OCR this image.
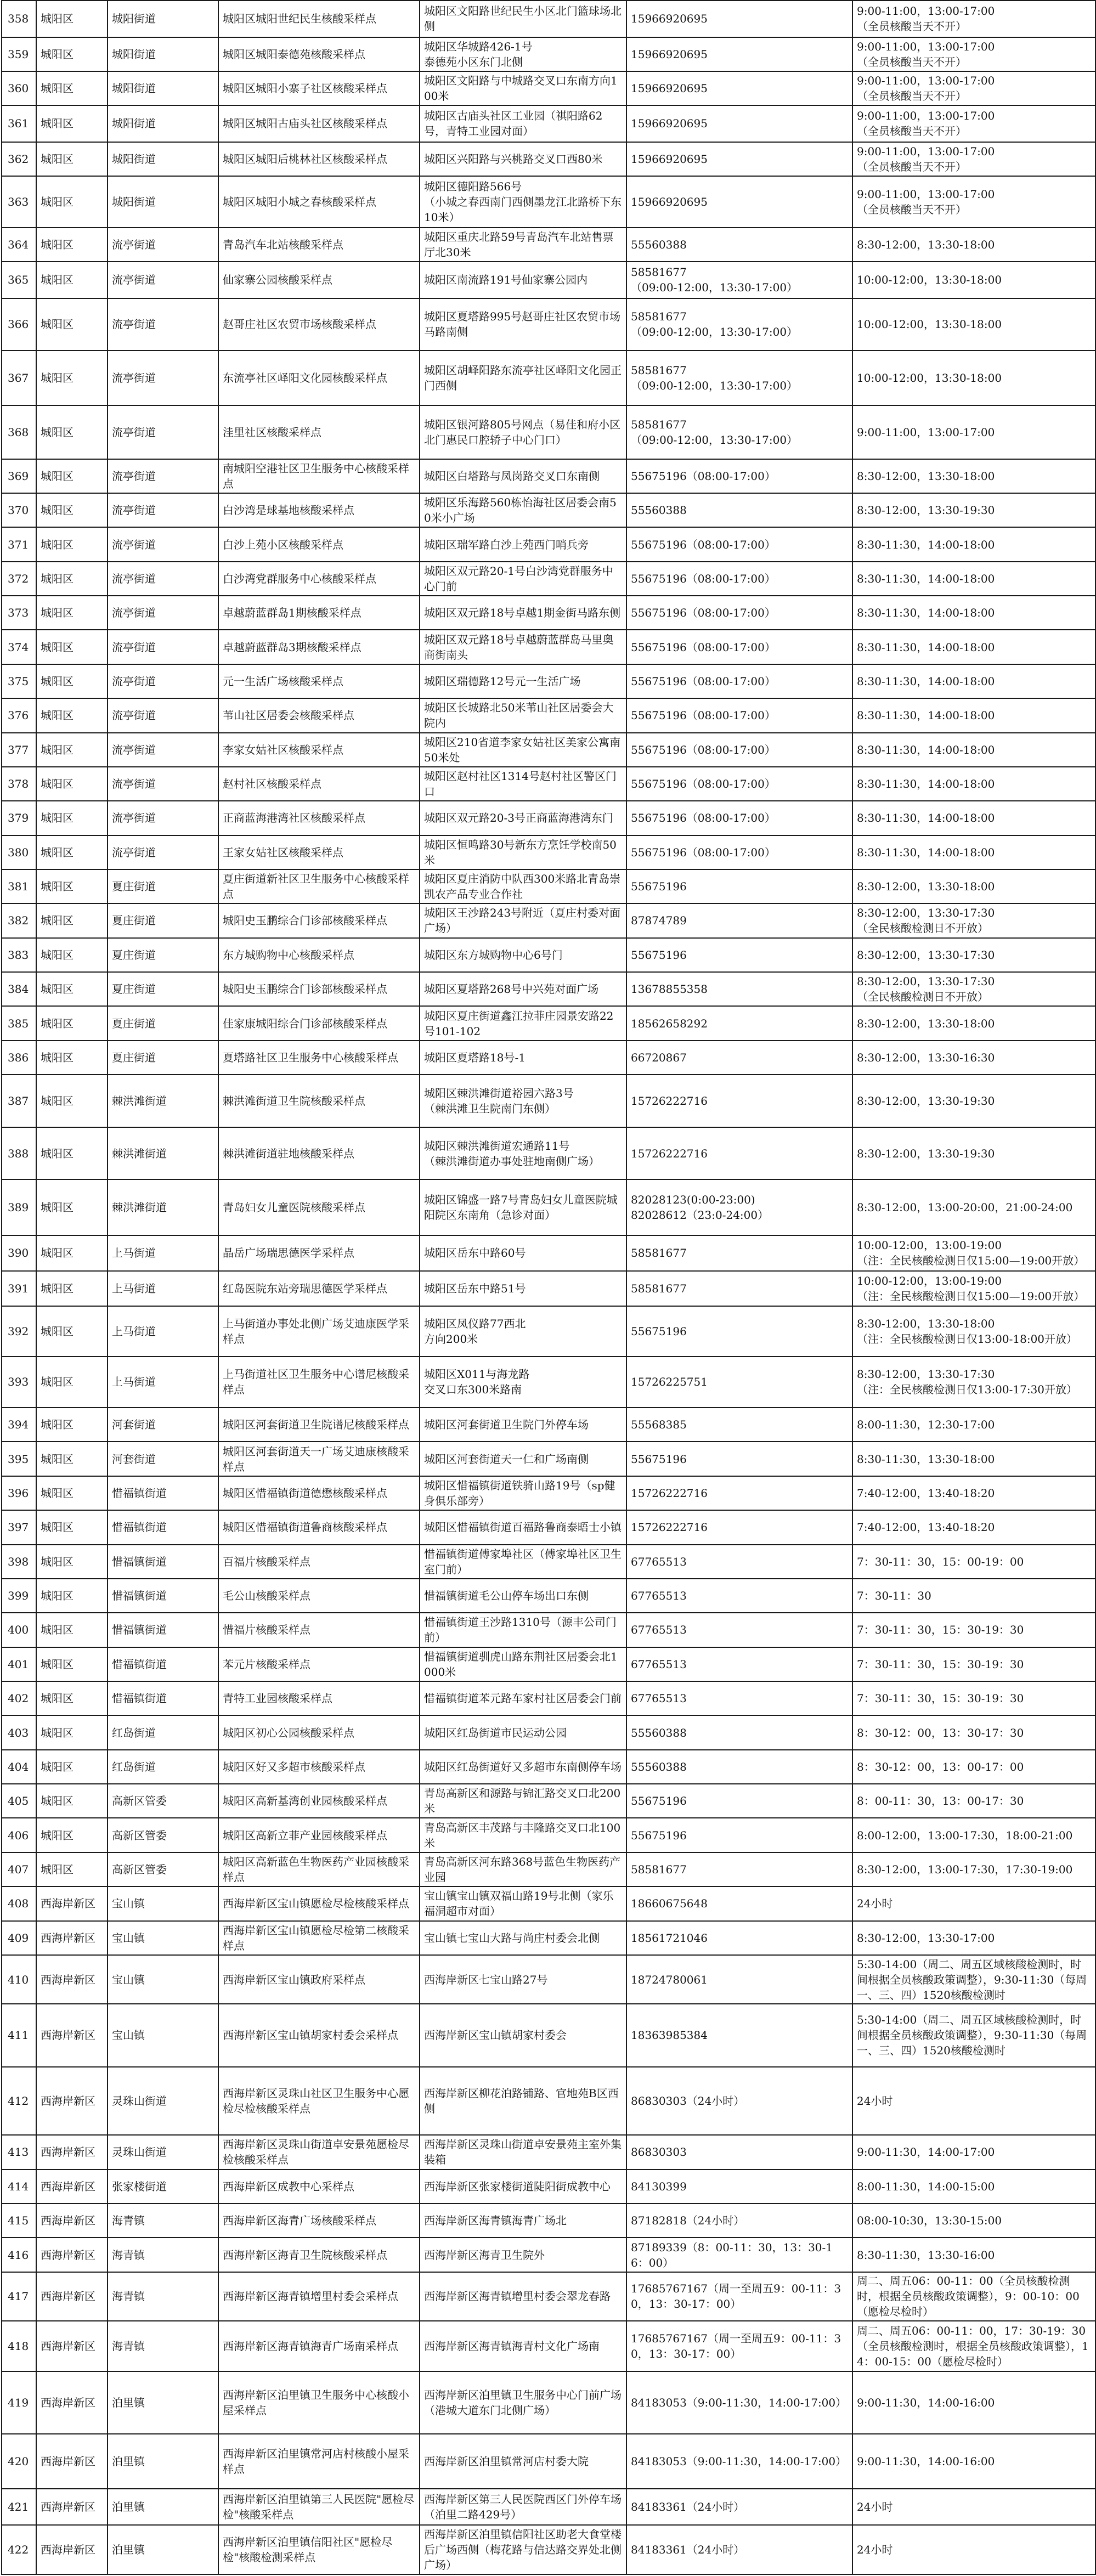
358	城阳区	城阳街道	城阳区城阳世纪民生核酸采样点	城阳区文阳路世纪民生小区北门篮球场北侧	15966920695	9:00-11:00，13:00-17:00
（全员核酸当天不开）
359	城阳区	城阳街道	城阳区城阳泰德苑核酸采样点	城阳区华城路426-1号
泰德苑小区东门北侧	15966920695	9:00-11:00，13:00-17:00
（全员核酸当天不开）
360	城阳区	城阳街道	城阳区城阳小寨子社区核酸采样点	城阳区文阳路与中城路交叉口东南方向100米	15966920695	9:00-11:00，13:00-17:00
（全员核酸当天不开）
361	城阳区	城阳街道	城阳区城阳古庙头社区核酸采样点	城阳区古庙头社区工业园（祺阳路62号，青特工业园对面）	15966920695	9:00-11:00，13:00-17:00
（全员核酸当天不开）
362	城阳区	城阳街道	城阳区城阳后桃林社区核酸采样点	城阳区兴阳路与兴桃路交叉口西80米	15966920695	9:00-11:00，13:00-17:00
（全员核酸当天不开）
363	城阳区	城阳街道	城阳区城阳小城之春核酸采样点	城阳区德阳路566号
（小城之春西南门西侧墨龙江北路桥下东10米）	15966920695	9:00-11:00，13:00-17:00
（全员核酸当天不开）
364	城阳区	流亭街道	青岛汽车北站核酸采样点	城阳区重庆北路59号青岛汽车北站售票厅北30米	55560388	8:30-12:00，13:30-18:00
365	城阳区	流亭街道	仙家寨公园核酸采样点	城阳区南流路191号仙家寨公园内	58581677
（09:00-12:00，13:30-17:00）	10:00-12:00，13:30-18:00
366	城阳区	流亭街道	赵哥庄社区农贸市场核酸采样点	城阳区夏塔路995号赵哥庄社区农贸市场马路南侧	58581677
（09:00-12:00，13:30-17:00）	10:00-12:00，13:30-18:00
367	城阳区	流亭街道	东流亭社区峄阳文化园核酸采样点	城阳区胡峄阳路东流亭社区峄阳文化园正门西侧	58581677
（09:00-12:00，13:30-17:00）	10:00-12:00，13:30-18:00
368	城阳区	流亭街道	洼里社区核酸采样点	城阳区银河路805号网点（易佳和府小区北门惠民口腔轿子中心门口）	58581677
（09:00-12:00，13:30-17:00）	9:00-11:00，13:00-17:00
369	城阳区	流亭街道	南城阳空港社区卫生服务中心核酸采样点	城阳区白塔路与凤岗路交叉口东南侧	55675196（08:00-17:00）	8:30-12:00，13:30-18:00
370	城阳区	流亭街道	白沙湾是球基地核酸采样点	城阳区乐海路560栋怡海社区居委会南50米小广场	55560388	8:30-12:00，13:30-19:30
371	城阳区	流亭街道	白沙上苑小区核酸采样点	城阳区瑞军路白沙上苑西门哨兵旁	55675196（08:00-17:00）	8:30-11:30，14:00-18:00
372	城阳区	流亭街道	白沙湾党群服务中心核酸采样点	城阳区双元路20-1号白沙湾党群服务中心门前	55675196（08:00-17:00）	8:30-11:30，14:00-18:00
373	城阳区	流亭街道	卓越蔚蓝群岛1期核酸采样点	城阳区双元路18号卓越1期金街马路东侧	55675196（08:00-17:00）	8:30-11:30，14:00-18:00
374	城阳区	流亭街道	卓越蔚蓝群岛3期核酸采样点	城阳区双元路18号卓越蔚蓝群岛马里奥商街南头	55675196（08:00-17:00）	8:30-11:30，14:00-18:00
375	城阳区	流亭街道	元一生活广场核酸采样点	城阳区瑞德路12号元一生活广场	55675196（08:00-17:00）	8:30-11:30，14:00-18:00
376	城阳区	流亭街道	苇山社区居委会核酸采样点	城阳区长城路北50米苇山社区居委会大院内	55675196（08:00-17:00）	8:30-11:30，14:00-18:00
377	城阳区	流亭街道	李家女姑社区核酸采样点	城阳区210省道李家女姑社区美家公寓南50米处	55675196（08:00-17:00）	8:30-11:30，14:00-18:00
378	城阳区	流亭街道	赵村社区核酸采样点	城阳区赵村社区1314号赵村社区警区门口	55675196（08:00-17:00）	8:30-11:30，14:00-18:00
379	城阳区	流亭街道	正商蓝海港湾社区核酸采样点	城阳区双元路20-3号正商蓝海港湾东门	55675196（08:00-17:00）	8:30-11:30，14:00-18:00
380	城阳区	流亭街道	王家女姑社区核酸采样点	城阳区恒鸣路30号新东方烹饪学校南50米	55675196（08:00-17:00）	8:30-11:30，14:00-18:00
381	城阳区	夏庄街道	夏庄街道新社区卫生服务中心核酸采样点	城阳区夏庄消防中队西300米路北青岛崇凯农产品专业合作社	55675196	8:30-12:00，13:30-18:00
382	城阳区	夏庄街道	城阳史玉鹏综合门诊部核酸采样点	城阳区王沙路243号附近（夏庄村委对面广场）	87874789	8:30-12:00，13:30-17:30
（全民核酸检测日不开放）
383	城阳区	夏庄街道	东方城购物中心核酸采样点	城阳区东方城购物中心6号门	55675196	8:30-12:00，13:30-17:30
384	城阳区	夏庄街道	城阳史玉鹏综合门诊部核酸采样点	城阳区夏塔路268号中兴苑对面广场	13678855358	8:30-12:00，13:30-17:30
（全民核酸检测日不开放）
385	城阳区	夏庄街道	佳家康城阳综合门诊部核酸采样点	城阳区夏庄街道鑫江拉菲庄园景安路22号101-102	18562658292	8:30-12:00，13:30-18:00
386	城阳区	夏庄街道	夏塔路社区卫生服务中心核酸采样点	城阳区夏塔路18号-1	66720867	8:30-12:00，13:30-16:30
387	城阳区	棘洪滩街道	棘洪滩街道卫生院核酸采样点	城阳区棘洪滩街道裕园六路3号
（棘洪滩卫生院南门东侧）	15726222716	8:30-12:00，13:30-19:30
388	城阳区	棘洪滩街道	棘洪滩街道驻地核酸采样点	城阳区棘洪滩街道宏通路11号
（棘洪滩街道办事处驻地南侧广场）	15726222716	8:30-12:00，13:30-19:30
389	城阳区	棘洪滩街道	青岛妇女儿童医院核酸采样点	城阳区锦盛一路7号青岛妇女儿童医院城阳院区东南角（急诊对面）	82028123(0:00-23:00)
82028612（23:0-24:00）	8:30-12:00，13:00-20:00，21:00-24:00
390	城阳区	上马街道	晶岳广场瑞思德医学采样点	城阳区岳东中路60号	58581677	10:00-12:00，13:00-19:00
（注：全民核酸检测日仅15:00—19:00开放）
391	城阳区	上马街道	红岛医院东站旁瑞思德医学采样点	城阳区岳东中路51号	58581677	10:00-12:00，13:00-19:00
（注：全民核酸检测日仅15:00—19:00开放）
392	城阳区	上马街道	上马街道办事处北侧广场艾迪康医学采样点	城阳区凤仪路77西北
方向200米	55675196	8:30-12:00，13:30-18:00
（注：全民核酸检测日仅13:00-18:00开放）
393	城阳区	上马街道	上马街道社区卫生服务中心谱尼核酸采样点	城阳区X011与海龙路
交叉口东300米路南	15726225751	8:30-12:00，13:30-17:30
（注：全民核酸检测日仅13:00-17:30开放）
394	城阳区	河套街道	城阳区河套街道卫生院谱尼核酸采样点	城阳区河套街道卫生院门外停车场	55568385	8:00-11:30，12:30-17:00
395	城阳区	河套街道	城阳区河套街道天一广场艾迪康核酸采样点	城阳区河套街道天一仁和广场南侧	55675196	8:30-11:30，13:30-18:00
396	城阳区	惜福镇街道	城阳区惜福镇街道德懋核酸采样点	城阳区惜福镇街道铁骑山路19号（sp健身俱乐部旁）	15726222716	7:40-12:00，13:40-18:20
397	城阳区	惜福镇街道	城阳区惜福镇街道鲁商核酸采样点	城阳区惜福镇街道百福路鲁商泰晤士小镇	15726222716	7:40-12:00，13:40-18:20
398	城阳区	惜福镇街道	百福片核酸采样点	惜福镇街道傅家埠社区（傅家埠社区卫生室门前）	67765513	7：30-11：30，15：00-19：00
399	城阳区	惜福镇街道	毛公山核酸采样点	惜福镇街道毛公山停车场出口东侧	67765513	7：30-11：30
400	城阳区	惜福镇街道	惜福片核酸采样点	惜福镇街道王沙路1310号（源丰公司门前）	67765513	7：30-11：30，15：30-19：30
401	城阳区	惜福镇街道	苯元片核酸采样点	惜福镇街道驯虎山路东荆社区居委会北1000米	67765513	7：30-11：30，15：30-19：30
402	城阳区	惜福镇街道	青特工业园核酸采样点	惜福镇街道苯元路车家村社区居委会门前	67765513	7：30-11：30，15：30-19：30
403	城阳区	红岛街道	城阳区初心公园核酸采样点	城阳区红岛街道市民运动公园	55560388	8：30-12：00，13：30-17：30
404	城阳区	红岛街道	城阳区好又多超市核酸采样点	城阳区红岛街道好又多超市东南侧停车场	55560388	8：30-12：00，13：00-17：00
405	城阳区	高新区管委	城阳区高新基湾创业园核酸采样点	青岛高新区和源路与锦汇路交叉口北200米	55675196	8：00-11：30，13：00-17：30
406	城阳区	高新区管委	城阳区高新立菲产业园核酸采样点	青岛高新区丰茂路与丰隆路交叉口北100米	55675196	8:00-12:00，13:00-17:30，18:00-21:00
407	城阳区	高新区管委	城阳区高新蓝色生物医药产业园核酸采样点	青岛高新区河东路368号蓝色生物医药产业园	58581677	8:30-12:00，13:00-17:30，17:30-19:00
408	西海岸新区	宝山镇	西海岸新区宝山镇愿检尽检核酸采样点	宝山镇宝山镇双福山路19号北侧（家乐福洞超市对面）	18660675648	24小时
409	西海岸新区	宝山镇	西海岸新区宝山镇愿检尽检第二核酸采样点	宝山镇七宝山大路与尚庄村委会北侧	18561721046	8:30-12:00，13:30-17:00
410	西海岸新区	宝山镇	西海岸新区宝山镇政府采样点	西海岸新区七宝山路27号	18724780061	5:30-14:00（周二、周五区域核酸检测时，时间根据全员核酸政策调整），9:30-11:30（每周一、三、四）1520核酸检测时
411	西海岸新区	宝山镇	西海岸新区宝山镇胡家村委会采样点	西海岸新区宝山镇胡家村委会	18363985384	5:30-14:00（周二、周五区域核酸检测时，时间根据全员核酸政策调整），9:30-11:30（每周一、三、四）1520核酸检测时
412	西海岸新区	灵珠山街道	西海岸新区灵珠山社区卫生服务中心愿检尽检核酸采样点	西海岸新区柳花泊路铺路、官地苑B区西侧	86830303（24小时）	24小时
413	西海岸新区	灵珠山街道	西海岸新区灵珠山街道卓安景苑愿检尽检核酸采样点	西海岸新区灵珠山街道卓安景苑主室外集装箱	86830303	9:00-11:30，14:00-17:00
414	西海岸新区	张家楼街道	西海岸新区成教中心采样点	西海岸新区张家楼街道陡阳街成教中心	84130399	8:00-11:30，14:00-15:00
415	西海岸新区	海青镇	西海岸新区海青广场核酸采样点	西海岸新区海青镇海青广场北	87182818（24小时）	08:00-10:30，13:30-15:00
416	西海岸新区	海青镇	西海岸新区海青卫生院核酸采样点	西海岸新区海青卫生院外	87189339（8：00-11：30，13：30-16：00）	8:30-11:30，13:30-16:00
417	西海岸新区	海青镇	西海岸新区海青镇增里村委会采样点	西海岸新区海青镇增里村委会翠龙春路	17685767167（周一至周五9：00-11：30，13：30-17：00）	周二、周五06：00-11：00（全员核酸检测时，根据全员核酸政策调整），9：00-10：00（愿检尽检时）
418	西海岸新区	海青镇	西海岸新区海青镇海青广场南采样点	西海岸新区海青镇海青村文化广场南	17685767167（周一至周五9：00-11：30，13：30-17：00）	周二、周五06：00-11：00，17：30-19：30（全员核酸检测时，根据全员核酸政策调整），14：00-15：00（愿检尽检时）
419	西海岸新区	泊里镇	西海岸新区泊里镇卫生服务中心核酸小屋采样点	西海岸新区泊里镇卫生服务中心门前广场（港城大道东门北侧广场）	84183053（9:00-11:30，14:00-17:00）	9:00-11:30，14:00-16:00
420	西海岸新区	泊里镇	西海岸新区泊里镇常河店村核酸小屋采样点	西海岸新区泊里镇常河店村委大院	84183053（9:00-11:30，14:00-17:00）	9:00-11:30，14:00-16:00
421	西海岸新区	泊里镇	西海岸新区泊里镇第三人民医院"愿检尽检"核酸采样点	西海岸新区第三人民医院西区门外停车场（泊里二路429号）	84183361（24小时）	24小时
422	西海岸新区	泊里镇	西海岸新区泊里镇信阳社区"愿检尽检"核酸检测采样点	西海岸新区泊里镇信阳社区助老大食堂楼后广场西侧（梅花路与信达路交界处北侧广场）	84183361（24小时）	24小时
